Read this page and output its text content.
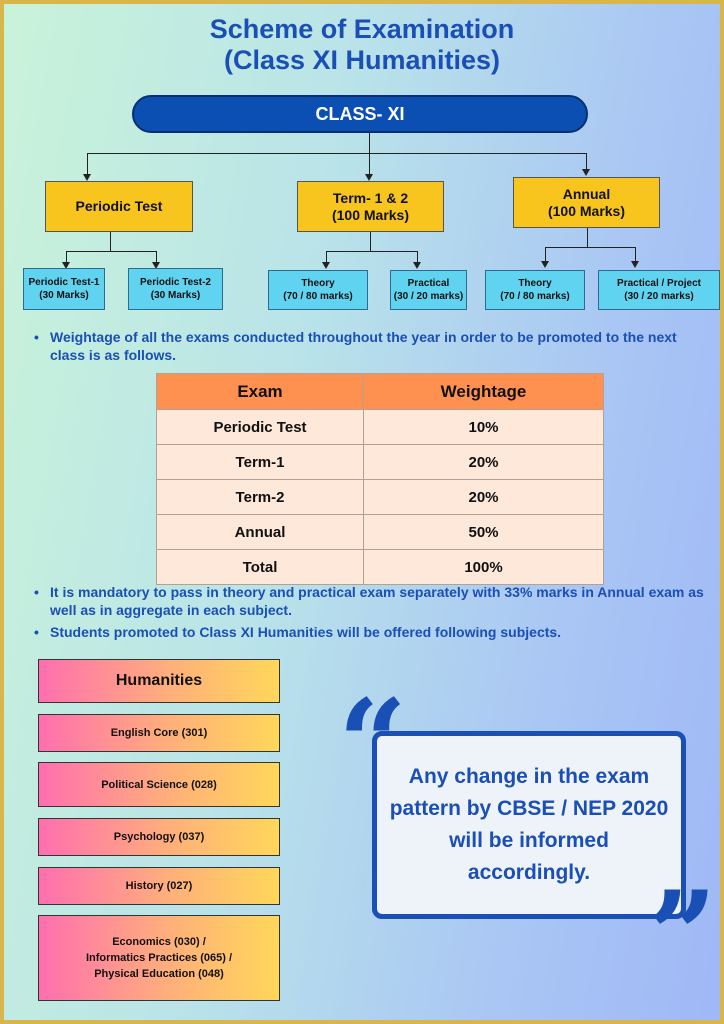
Scheme of Examination
(Class XI Humanities)
CLASS- XI
Periodic Test
Term- 1 & 2
(100 Marks)
Annual
(100 Marks)
Periodic Test-1
(30 Marks)
Periodic Test-2
(30 Marks)
Theory
(70 / 80 marks)
Practical
(30 / 20 marks)
Theory
(70 / 80 marks)
Practical / Project
(30 / 20 marks)
• Weightage of all the exams conducted throughout the year in order to be promoted to the next class is as follows.
Exam	Weightage
Periodic Test	10%
Term-1	20%
Term-2	20%
Annual	50%
Total	100%
• It is mandatory to pass in theory and practical exam separately with 33% marks in Annual exam as well as in aggregate in each subject.
• Students promoted to Class XI Humanities will be offered following subjects.
Humanities
English Core (301)
Political Science (028)
Psychology (037)
History (027)
Economics (030) /
Informatics Practices (065) /
Physical Education (048)
Any change in the exam pattern by CBSE / NEP 2020 will be informed accordingly.
“
”
